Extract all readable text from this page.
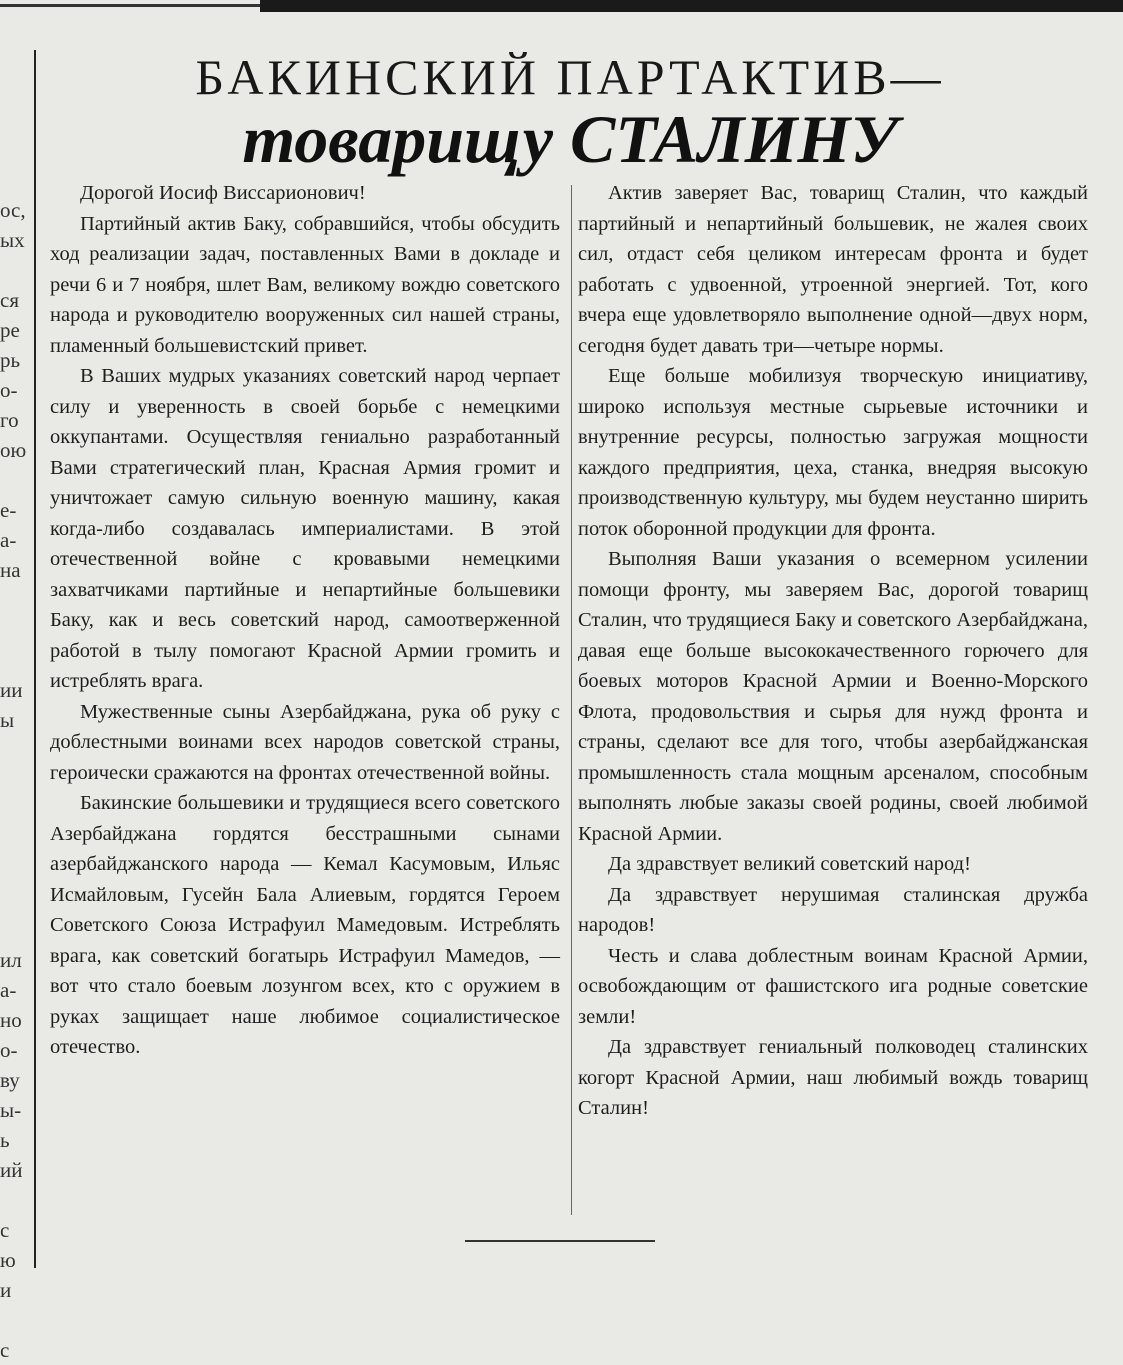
ос,
ых

ся
ре
рь
о-
го
ою

е-
а-
на

ии
ы

ил
а-
но
о-
ву
ы-
ь
ий

с
ю
и

с
БАКИНСКИЙ ПАРТАКТИВ—
товарищу СТАЛИНУ

Дорогой Иосиф Виссарионович!

Партийный актив Баку, собравшийся, чтобы обсудить ход реализации задач, поставленных Вами в докладе и речи 6 и 7 ноября, шлет Вам, великому вождю советского народа и руководителю вооруженных сил нашей страны, пламенный большевистский привет.

В Ваших мудрых указаниях советский народ черпает силу и уверенность в своей борьбе с немецкими оккупантами. Осуществляя гениально разработанный Вами стратегический план, Красная Армия громит и уничтожает самую сильную военную машину, какая когда-либо создавалась империалистами. В этой отечественной войне с кровавыми немецкими захватчиками партийные и непартийные большевики Баку, как и весь советский народ, самоотверженной работой в тылу помогают Красной Армии громить и истреблять врага.

Мужественные сыны Азербайджана, рука об руку с доблестными воинами всех народов советской страны, героически сражаются на фронтах отечественной войны.

Бакинские большевики и трудящиеся всего советского Азербайджана гордятся бесстрашными сынами азербайджанского народа — Кемал Касумовым, Ильяс Исмайловым, Гусейн Бала Алиевым, гордятся Героем Советского Союза Истрафуил Мамедовым. Истреблять врага, как советский богатырь Истрафуил Мамедов, — вот что стало боевым лозунгом всех, кто с оружием в руках защищает наше любимое социалистическое отечество.

Актив заверяет Вас, товарищ Сталин, что каждый партийный и непартийный большевик, не жалея своих сил, отдаст себя целиком интересам фронта и будет работать с удвоенной, утроенной энергией. Тот, кого вчера еще удовлетворяло выполнение одной—двух норм, сегодня будет давать три—четыре нормы.

Еще больше мобилизуя творческую инициативу, широко используя местные сырьевые источники и внутренние ресурсы, полностью загружая мощности каждого предприятия, цеха, станка, внедряя высокую производственную культуру, мы будем неустанно ширить поток оборонной продукции для фронта.

Выполняя Ваши указания о всемерном усилении помощи фронту, мы заверяем Вас, дорогой товарищ Сталин, что трудящиеся Баку и советского Азербайджана, давая еще больше высококачественного горючего для боевых моторов Красной Армии и Военно-Морского Флота, продовольствия и сырья для нужд фронта и страны, сделают все для того, чтобы азербайджанская промышленность стала мощным арсеналом, способным выполнять любые заказы своей родины, своей любимой Красной Армии.

Да здравствует великий советский народ!

Да здравствует нерушимая сталинская дружба народов!

Честь и слава доблестным воинам Красной Армии, освобождающим от фашистского ига родные советские земли!

Да здравствует гениальный полководец сталинских когорт Красной Армии, наш любимый вождь товарищ Сталин!
